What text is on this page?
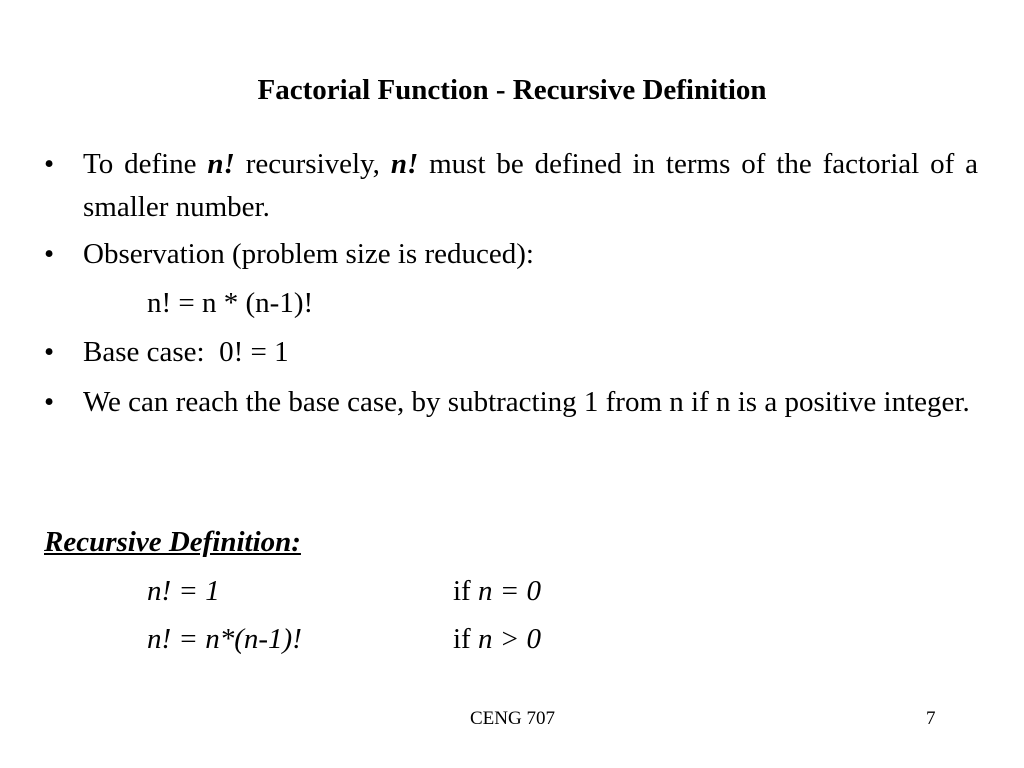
Factorial Function - Recursive Definition
• To define n! recursively, n! must be defined in terms of the factorial of a smaller number.
• Observation (problem size is reduced):
n! = n * (n-1)!
• Base case:  0! = 1
• We can reach the base case, by subtracting 1 from n if n is a positive integer.
Recursive Definition:
n! = 1	if n = 0
n! = n*(n-1)!	if n > 0
CENG 707	7
